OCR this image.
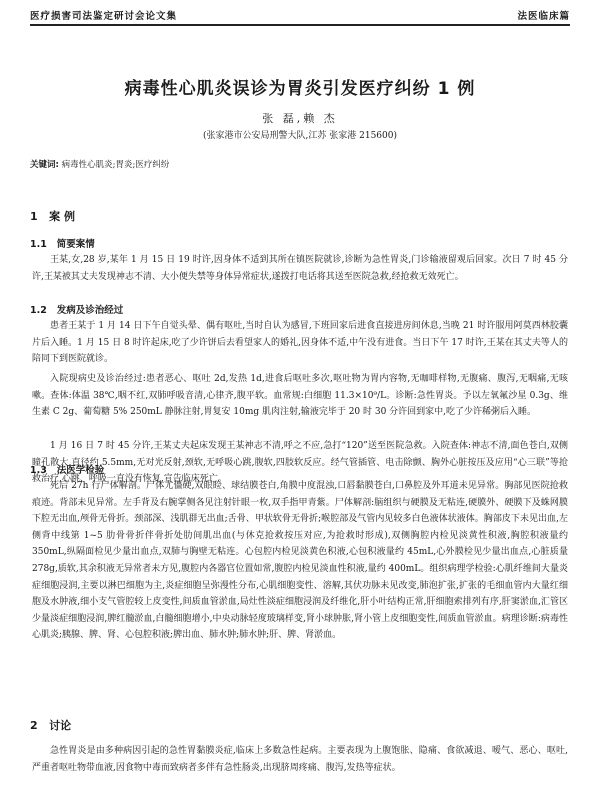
医疗损害司法鉴定研讨会论文集	法医临床篇
病毒性心肌炎误诊为胃炎引发医疗纠纷 1 例
张 磊,赖 杰
(张家港市公安局刑警大队,江苏 张家港 215600)
关键词: 病毒性心肌炎;胃炎;医疗纠纷
1 案 例
1.1 简要案情

王某,女,28 岁,某年 1 月 15 日 19 时许,因身体不适到其所在镇医院就诊,诊断为急性胃炎,门诊输液留观后回家。次日 7 时 45 分许,王某被其丈夫发现神志不清、大小便失禁等身体异常症状,遂拨打电话将其送至医院急救,经抢救无效死亡。

1.2 发病及诊治经过

患者王某于 1 月 14 日下午自觉头晕、偶有呕吐,当时自认为感冒,下班回家后进食直接进房间休息,当晚 21 时许服用阿莫西林胶囊片后入睡。1 月 15 日 8 时许起床,吃了少许饼后去看望家人的婚礼,因身体不适,中午没有进食。当日下午 17 时许,王某在其丈夫等人的陪同下到医院就诊。

入院现病史及诊治经过:患者恶心、呕吐 2d,发热 1d,进食后呕吐多次,呕吐物为胃内容物,无咖啡样物,无腹痛、腹泻,无咽痛,无咳嗽。查体:体温 38℃,咽不红,双肺呼吸音清,心律齐,腹平软。血常规:白细胞 11.3×10⁹/L。诊断:急性胃炎。予以左氧氟沙星 0.3g、维生素 C 2g、葡萄糖 5% 250mL 静脉注射,胃复安 10mg 肌肉注射,输液完毕于 20 时 30 分许回到家中,吃了少许稀粥后入睡。

1 月 16 日 7 时 45 分许,王某丈夫起床发现王某神志不清,呼之不应,急打“120”送至医院急救。入院查体:神志不清,面色苍白,双侧瞳孔散大,直径约 5.5mm,无对光反射,颈软,无呼吸心跳,腹软,四肢软反应。经气管插管、电击除颤、胸外心脏按压及应用“心三联”等抢救治疗,心跳、呼吸一直没有恢复,宣告临床死亡。

1.3 法医学检验

死后 27h 行尸体解剖。尸体尤僵硬,双眼睑、球结膜苍白,角膜中度混浊,口唇黏膜苍白,口鼻腔及外耳道未见异常。胸部见医院抢救痕迹。背部未见异常。左手背及右腕掌侧各见注射针眼一枚,双手指甲青紫。尸体解剖:脑组织与硬膜及无粘连,硬膜外、硬膜下及蛛网膜下腔无出血,颅骨无骨折。颈部深、浅肌群无出血;舌骨、甲状软骨无骨折;喉腔部及气管内见较多白色液体状液体。胸部皮下未见出血,左侧背中线第 1~5 肋骨骨折伴骨折处肋间肌出血(与休克抢救按压对应,为抢救时形成),双侧胸腔内检见淡黄性积液,胸腔积液量约 350mL,纵隔面检见少量出血点,双肺与胸壁无粘连。心包腔内检见淡黄色积液,心包积液量约 45mL,心外膜检见少量出血点,心脏质量 278g,质软,其余积液无异常者未方见,腹腔内各器官位置如常,腹腔内检见淡血性积液,量约 400mL。组织病理学检验:心肌纤维间大量炎症细胞浸润,主要以淋巴细胞为主,炎症细胞呈弥漫性分布,心肌细胞变性、溶解,其伏功脉未见改变,肺泡扩张,扩张的毛细血管内大量红细胞及水肿液,细小支气管腔较上皮变性,间质血管淤血,局灶性淡症细胞浸润及纤维化,肝小叶结构正常,肝细胞索排列有序,肝窦淤血,汇管区少量淡症细胞浸润,脾红髓淤血,白髓细胞增小,中央动脉轻度玻璃样变,肾小球肿胀,肾小管上皮细胞变性,间质血管淤血。病理诊断:病毒性心肌炎;胰腺、脾、肾、心包腔积液;脾出血、肺水肿;肺水肿;肝、脾、肾淤血。

2 讨论

急性胃炎是由多种病因引起的急性胃黏膜炎症,临床上多数急性起病。主要表现为上腹饱胀、隐痛、食欲减退、嗳气、恶心、呕吐,严重者呕吐物带血液,因食物中毒而致病者多伴有急性肠炎,出现脐周疼痛、腹泻,发热等症状。
